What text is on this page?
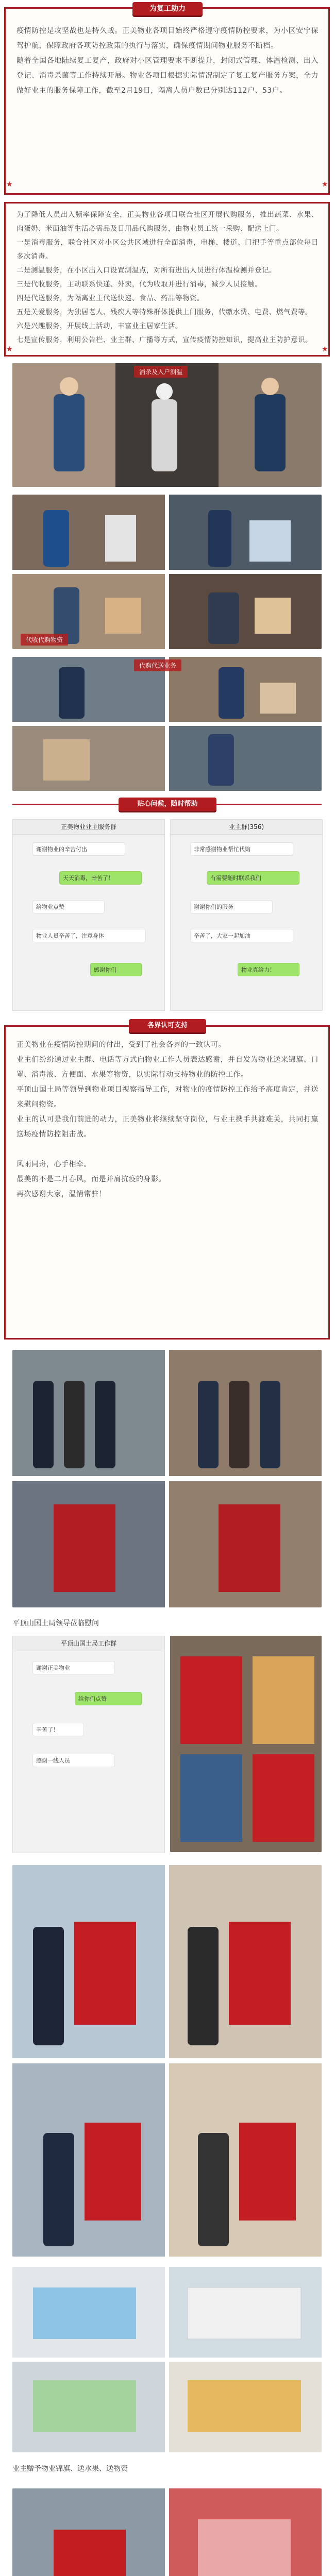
为复工助力

疫情防控是攻坚战也是持久战。正美物业各项目始终严格遵守疫情防控要求，为小区安宁保驾护航，保障政府各项防控政策的执行与落实，确保疫情期间物业服务不断档。

随着全国各地陆续复工复产，政府对小区管理要求不断提升，封闭式管理、体温检测、出入登记、消毒杀菌等工作持续开展。物业各项目根据实际情况制定了复工复产服务方案，全力做好业主的服务保障工作，截至2月19日，隔离人员户数已分别达112户、53户。

★	★

为了降低人员出入频率保障安全，正美物业各项目联合社区开展代购服务，推出蔬菜、水果、肉蛋奶、米面油等生活必需品及日用品代购服务，由物业员工统一采购、配送上门。

一是消毒服务，联合社区对小区公共区域进行全面消毒，电梯、楼道、门把手等重点部位每日多次消毒。

二是测温服务，在小区出入口设置测温点，对所有进出人员进行体温检测并登记。

三是代收服务，主动联系快递、外卖，代为收取并进行消毒，减少人员接触。

四是代送服务，为隔离业主代送快递、食品、药品等物资。

五是关爱服务，为独居老人、残疾人等特殊群体提供上门服务，代缴水费、电费、燃气费等。

六是兴趣服务，开展线上活动，丰富业主居家生活。

七是宣传服务，利用公告栏、业主群、广播等方式，宣传疫情防控知识，提高业主防护意识。

★	★
消杀及入户测温
代收代购物资
代购代送业务
贴心问候，随时帮助
正美物业业主服务群
谢谢物业的辛苦付出
天天消毒，辛苦了！
给物业点赞
物业人员辛苦了，注意身体
感谢你们
业主群(356)
非常感谢物业帮忙代购
有需要随时联系我们
谢谢你们的服务
辛苦了，大家一起加油
物业真给力！
各界认可支持

正美物业在疫情防控期间的付出，受到了社会各界的一致认可。

业主们纷纷通过业主群、电话等方式向物业工作人员表达感谢，并自发为物业送来锦旗、口罩、消毒液、方便面、水果等物资，以实际行动支持物业的防控工作。

平顶山国土局等领导到物业项目视察指导工作，对物业的疫情防控工作给予高度肯定，并送来慰问物资。

业主的认可是我们前进的动力，正美物业将继续坚守岗位，与业主携手共渡难关，共同打赢这场疫情防控阻击战。

风雨同舟，心手相牵。

最美的不是二月春风，而是并肩抗疫的身影。

再次感谢大家，温情常驻！

平顶山国土局领导莅临慰问
平顶山国土局工作群
谢谢正美物业
给你们点赞
辛苦了！
感谢一线人员
业主赠予物业锦旗、送水果、送物资
